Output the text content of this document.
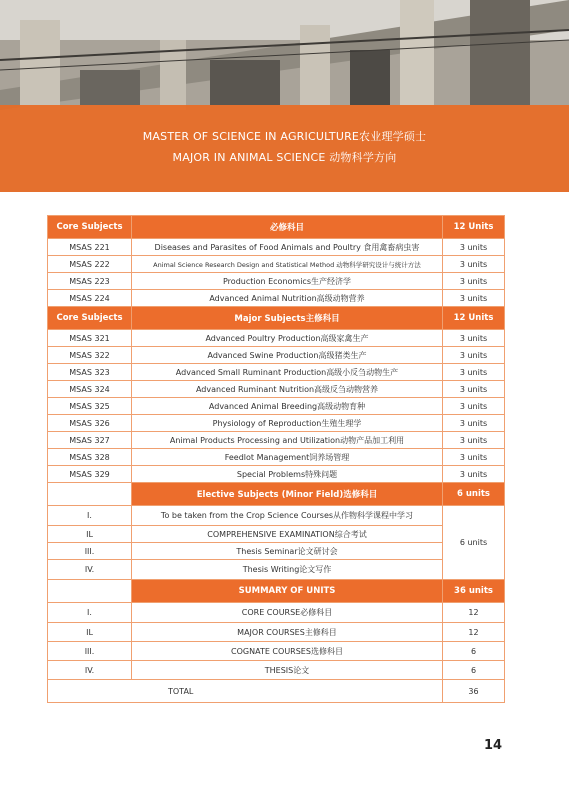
MASTER OF SCIENCE IN AGRICULTURE农业理学硕士
MAJOR IN ANIMAL SCIENCE 动物科学方向
Core Subjects	必修科目	12 Units
MSAS 221	Diseases and Parasites of Food Animals and Poultry 食用禽畜病虫害	3 units
MSAS 222	Animal Science Research Design and Statistical Method 动物科学研究设计与统计方法	3 units
MSAS 223	Production Economics生产经济学	3 units
MSAS 224	Advanced Animal Nutrition高级动物营养	3 units
Core Subjects	Major Subjects主修科目	12 Units
MSAS 321	Advanced Poultry Production高级家禽生产	3 units
MSAS 322	Advanced Swine Production高级猪类生产	3 units
MSAS 323	Advanced Small Ruminant Production高级小反刍动物生产	3 units
MSAS 324	Advanced Ruminant Nutrition高级反刍动物营养	3 units
MSAS 325	Advanced Animal Breeding高级动物育种	3 units
MSAS 326	Physiology of Reproduction生殖生理学	3 units
MSAS 327	Animal Products Processing and Utilization动物产品加工利用	3 units
MSAS 328	Feedlot Management饲养场管理	3 units
MSAS 329	Special Problems特殊问题	3 units
	Elective Subjects (Minor Field)选修科目	6 units
I.	To be taken from the Crop Science Courses从作物科学课程中学习	6 units
IL	COMPREHENSIVE EXAMINATION综合考试	
III.	Thesis Seminar论文研讨会	
IV.	Thesis Writing论文写作	
	SUMMARY OF UNITS	36 units
I.	CORE COURSE必修科目	12
IL	MAJOR COURSES主修科目	12
III.	COGNATE COURSES选修科目	6
IV.	THESIS论文	6
TOTAL		36
14
